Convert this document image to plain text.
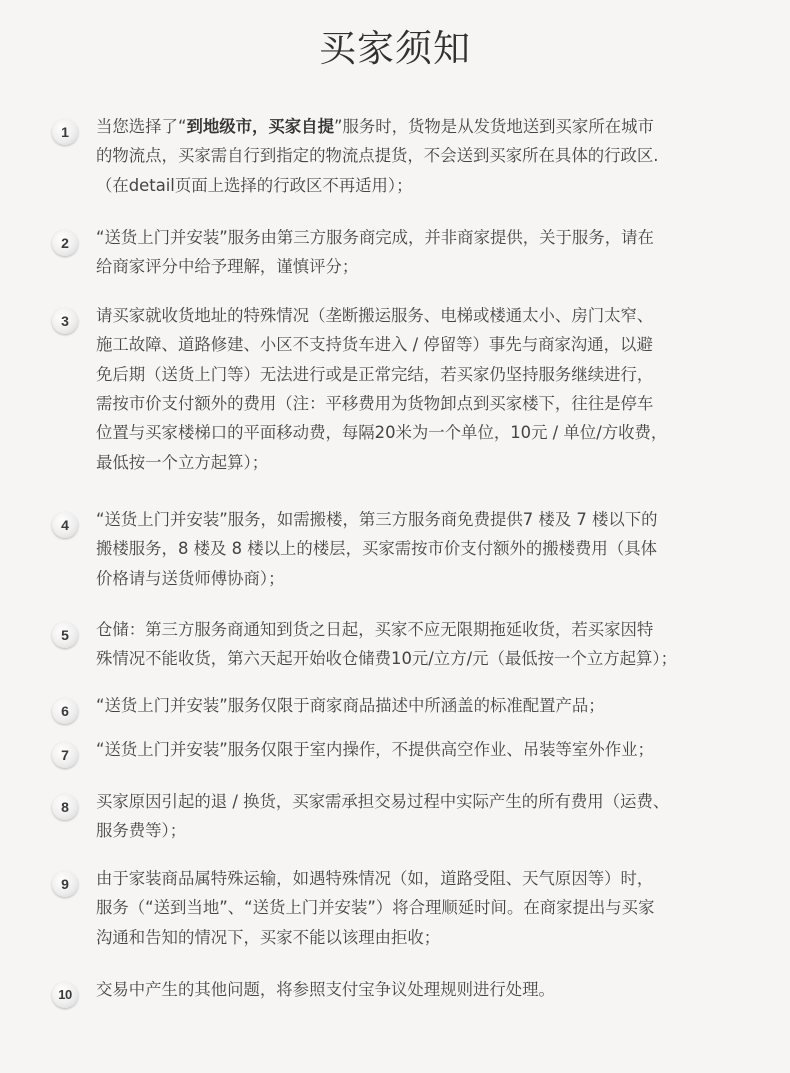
买家须知
1	当您选择了“到地级市，买家自提”服务时，货物是从发货地送到买家所在城市
的物流点，买家需自行到指定的物流点提货，不会送到买家所在具体的行政区.
（在detail页面上选择的行政区不再适用）；
2	“送货上门并安装”服务由第三方服务商完成，并非商家提供，关于服务，请在
给商家评分中给予理解，谨慎评分；
3	请买家就收货地址的特殊情况（垄断搬运服务、电梯或楼通太小、房门太窄、
施工故障、道路修建、小区不支持货车进入 / 停留等）事先与商家沟通，以避
免后期（送货上门等）无法进行或是正常完结，若买家仍坚持服务继续进行，
需按市价支付额外的费用（注：平移费用为货物卸点到买家楼下，往往是停车
位置与买家楼梯口的平面移动费，每隔20米为一个单位，10元 / 单位/方收费，
最低按一个立方起算）；
4	“送货上门并安装”服务，如需搬楼，第三方服务商免费提供7 楼及 7 楼以下的
搬楼服务，8 楼及 8 楼以上的楼层，买家需按市价支付额外的搬楼费用（具体
价格请与送货师傅协商）；
5	仓储：第三方服务商通知到货之日起，买家不应无限期拖延收货，若买家因特
殊情况不能收货，第六天起开始收仓储费10元/立方/元（最低按一个立方起算）；
6	“送货上门并安装”服务仅限于商家商品描述中所涵盖的标准配置产品；
7	“送货上门并安装”服务仅限于室内操作，不提供高空作业、吊装等室外作业；
8	买家原因引起的退 / 换货，买家需承担交易过程中实际产生的所有费用（运费、
服务费等）；
9	由于家装商品属特殊运输，如遇特殊情况（如，道路受阻、天气原因等）时，
服务（“送到当地”、“送货上门并安装”）将合理顺延时间。在商家提出与买家
沟通和告知的情况下，买家不能以该理由拒收；
10	交易中产生的其他问题，将参照支付宝争议处理规则进行处理。
